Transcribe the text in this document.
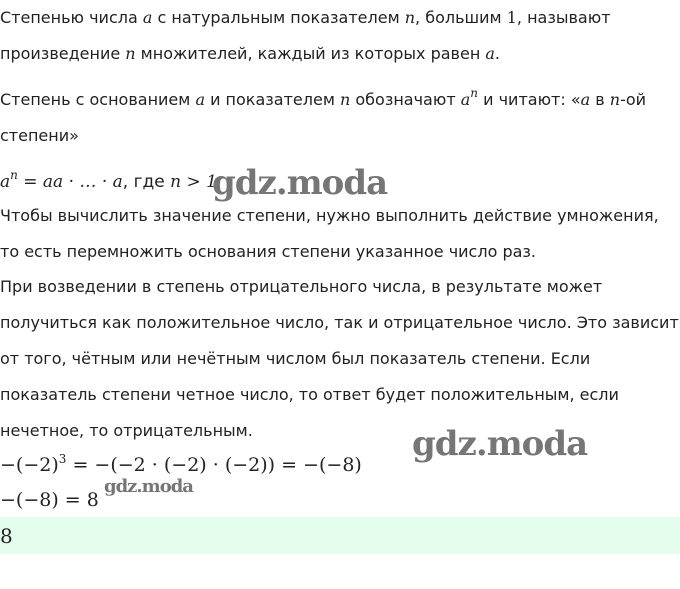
Степенью числа a с натуральным показателем n, большим 1, называют
произведение n множителей, каждый из которых равен a.
Степень с основанием a и показателем n обозначают $a^n$ и читают: «a в n-ой
степени»
$a^n$ = aa · … · a, где n > 1
gdz.moda
Чтобы вычислить значение степени, нужно выполнить действие умножения,
то есть перемножить основания степени указанное число раз.
При возведении в степень отрицательного числа, в результате может
получиться как положительное число, так и отрицательное число. Это зависит
от того, чётным или нечётным числом был показатель степени. Если
показатель степени четное число, то ответ будет положительным, если
нечетное, то отрицательным.	gdz.moda
$-(-2)^3 = -(-2 \cdot (-2) \cdot (-2)) = -(-8)$
−(−8) = 8
gdz.moda
8
